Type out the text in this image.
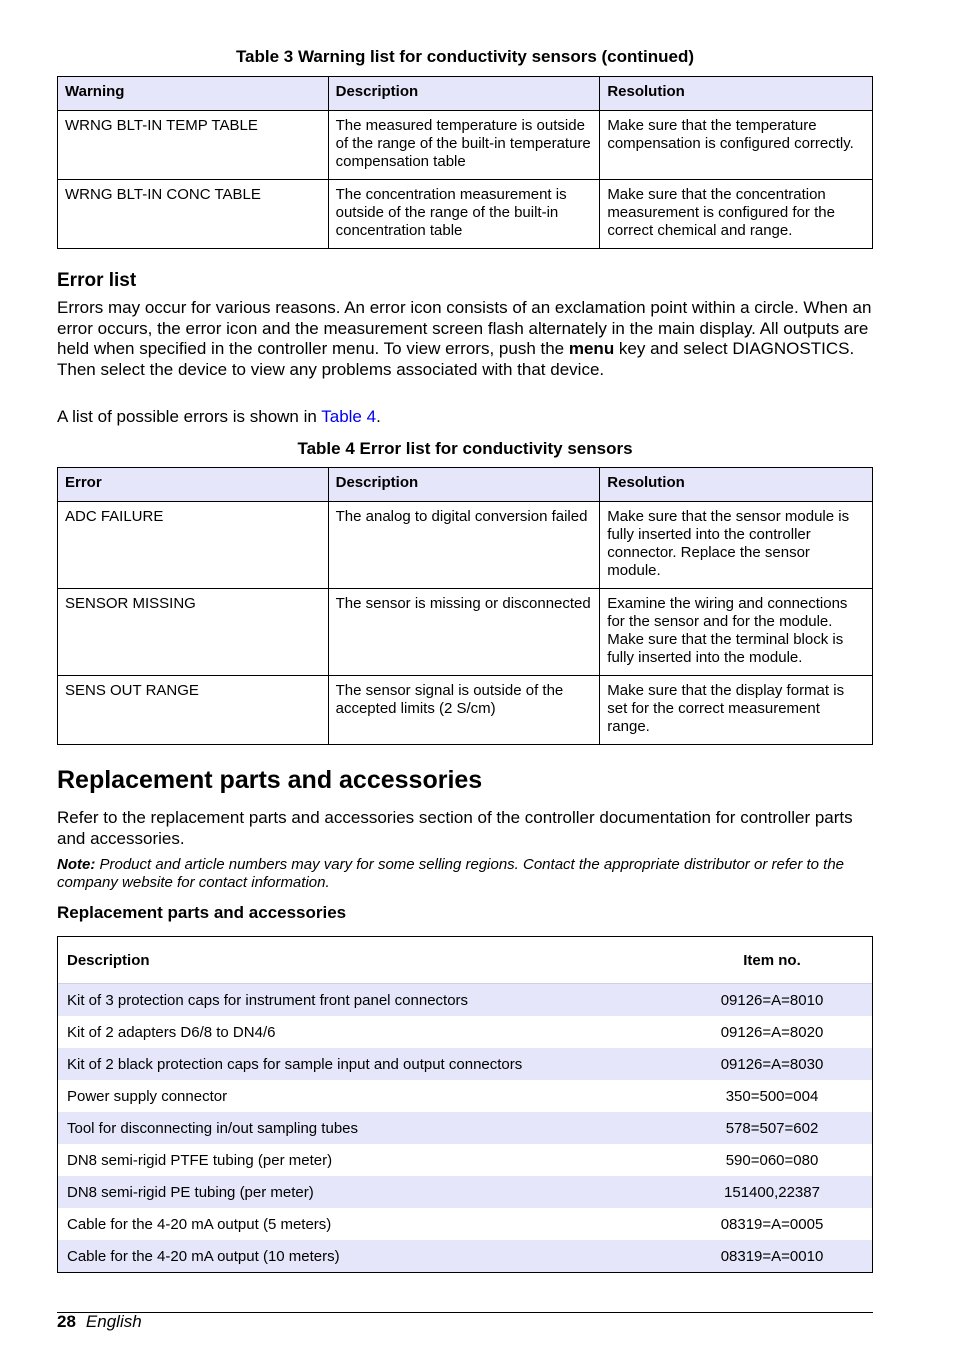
Table 3 Warning list for conductivity sensors (continued)
Warning	Description	Resolution
WRNG BLT-IN TEMP TABLE	The measured temperature is outside of the range of the built-in temperature compensation table	Make sure that the temperature compensation is configured correctly.
WRNG BLT-IN CONC TABLE	The concentration measurement is outside of the range of the built-in concentration table	Make sure that the concentration measurement is configured for the correct chemical and range.
Error list
Errors may occur for various reasons. An error icon consists of an exclamation point within a circle. When an error occurs, the error icon and the measurement screen flash alternately in the main display. All outputs are held when specified in the controller menu. To view errors, push the menu key and select DIAGNOSTICS. Then select the device to view any problems associated with that device.
A list of possible errors is shown in Table 4.
Table 4 Error list for conductivity sensors
Error	Description	Resolution
ADC FAILURE	The analog to digital conversion failed	Make sure that the sensor module is fully inserted into the controller connector. Replace the sensor module.
SENSOR MISSING	The sensor is missing or disconnected	Examine the wiring and connections for the sensor and for the module. Make sure that the terminal block is fully inserted into the module.
SENS OUT RANGE	The sensor signal is outside of the accepted limits (2 S/cm)	Make sure that the display format is set for the correct measurement range.
Replacement parts and accessories
Refer to the replacement parts and accessories section of the controller documentation for controller parts and accessories.
Note: Product and article numbers may vary for some selling regions. Contact the appropriate distributor or refer to the company website for contact information.
Replacement parts and accessories
Description	Item no.
Kit of 3 protection caps for instrument front panel connectors	09126=A=8010
Kit of 2 adapters D6/8 to DN4/6	09126=A=8020
Kit of 2 black protection caps for sample input and output connectors	09126=A=8030
Power supply connector	350=500=004
Tool for disconnecting in/out sampling tubes	578=507=602
DN8 semi-rigid PTFE tubing (per meter)	590=060=080
DN8 semi-rigid PE tubing (per meter)	151400,22387
Cable for the 4-20 mA output (5 meters)	08319=A=0005
Cable for the 4-20 mA output (10 meters)	08319=A=0010
28 English
